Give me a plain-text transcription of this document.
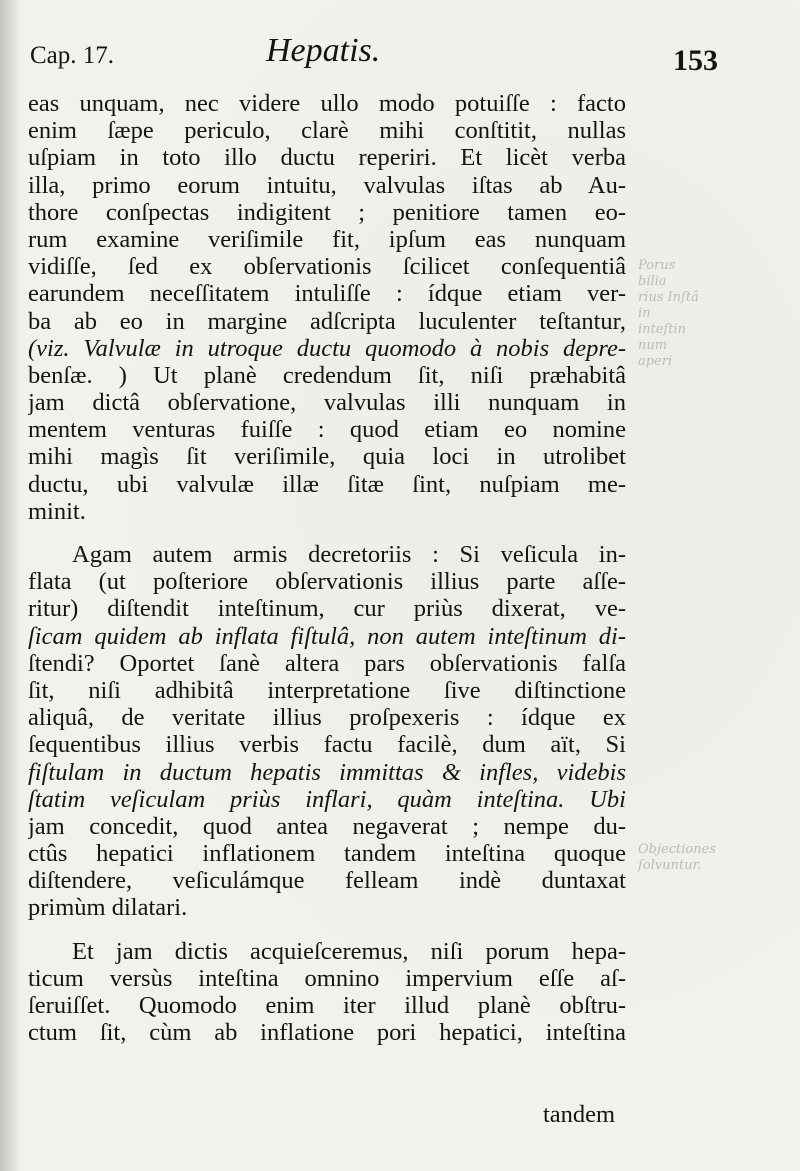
Porus bilia
rius Inſtâ
in inteſtin
num aperi
Objectiones
ſolvuntur.
Cap. 17.	Hepatis.	153
eas unquam, nec videre ullo modo potuiſſe : facto
enim ſæpe periculo, clarè mihi conſtitit, nullas
uſpiam in toto illo ductu reperiri. Et licèt verba
illa, primo eorum intuitu, valvulas iſtas ab Au-
thore conſpectas indigitent ; penitiore tamen eo-
rum examine veriſimile fit, ipſum eas nunquam
vidiſſe, ſed ex obſervationis ſcilicet conſequentiâ
earundem neceſſitatem intuliſſe : ídque etiam ver-
ba ab eo in margine adſcripta luculenter teſtantur,
(viz. Valvulæ in utroque ductu quomodo à nobis depre-
benſæ. ) Ut planè credendum ſit, niſi præhabitâ
jam dictâ obſervatione, valvulas illi nunquam in
mentem venturas fuiſſe : quod etiam eo nomine
mihi magìs ſit veriſimile, quia loci in utrolibet
ductu, ubi valvulæ illæ ſitæ ſint, nuſpiam me-
minit.
Agam autem armis decretoriis : Si veſicula in-
flata (ut poſteriore obſervationis illius parte aſſe-
ritur) diſtendit inteſtinum, cur priùs dixerat, ve-
ſicam quidem ab inflata fiſtulâ, non autem inteſtinum di-
ſtendi? Oportet ſanè altera pars obſervationis falſa
ſit, niſi adhibitâ interpretatione ſive diſtinctione
aliquâ, de veritate illius proſpexeris : ídque ex
ſequentibus illius verbis factu facilè, dum aït, Si
fiſtulam in ductum hepatis immittas & infles, videbis
ſtatim veſiculam priùs inflari, quàm inteſtina. Ubi
jam concedit, quod antea negaverat ; nempe du-
ctûs hepatici inflationem tandem inteſtina quoque
diſtendere, veſiculámque felleam indè duntaxat
primùm dilatari.
Et jam dictis acquieſceremus, niſi porum hepa-
ticum versùs inteſtina omnino impervium eſſe aſ-
ſeruiſſet. Quomodo enim iter illud planè obſtru-
ctum ſit, cùm ab inflatione pori hepatici, inteſtina
tandem
